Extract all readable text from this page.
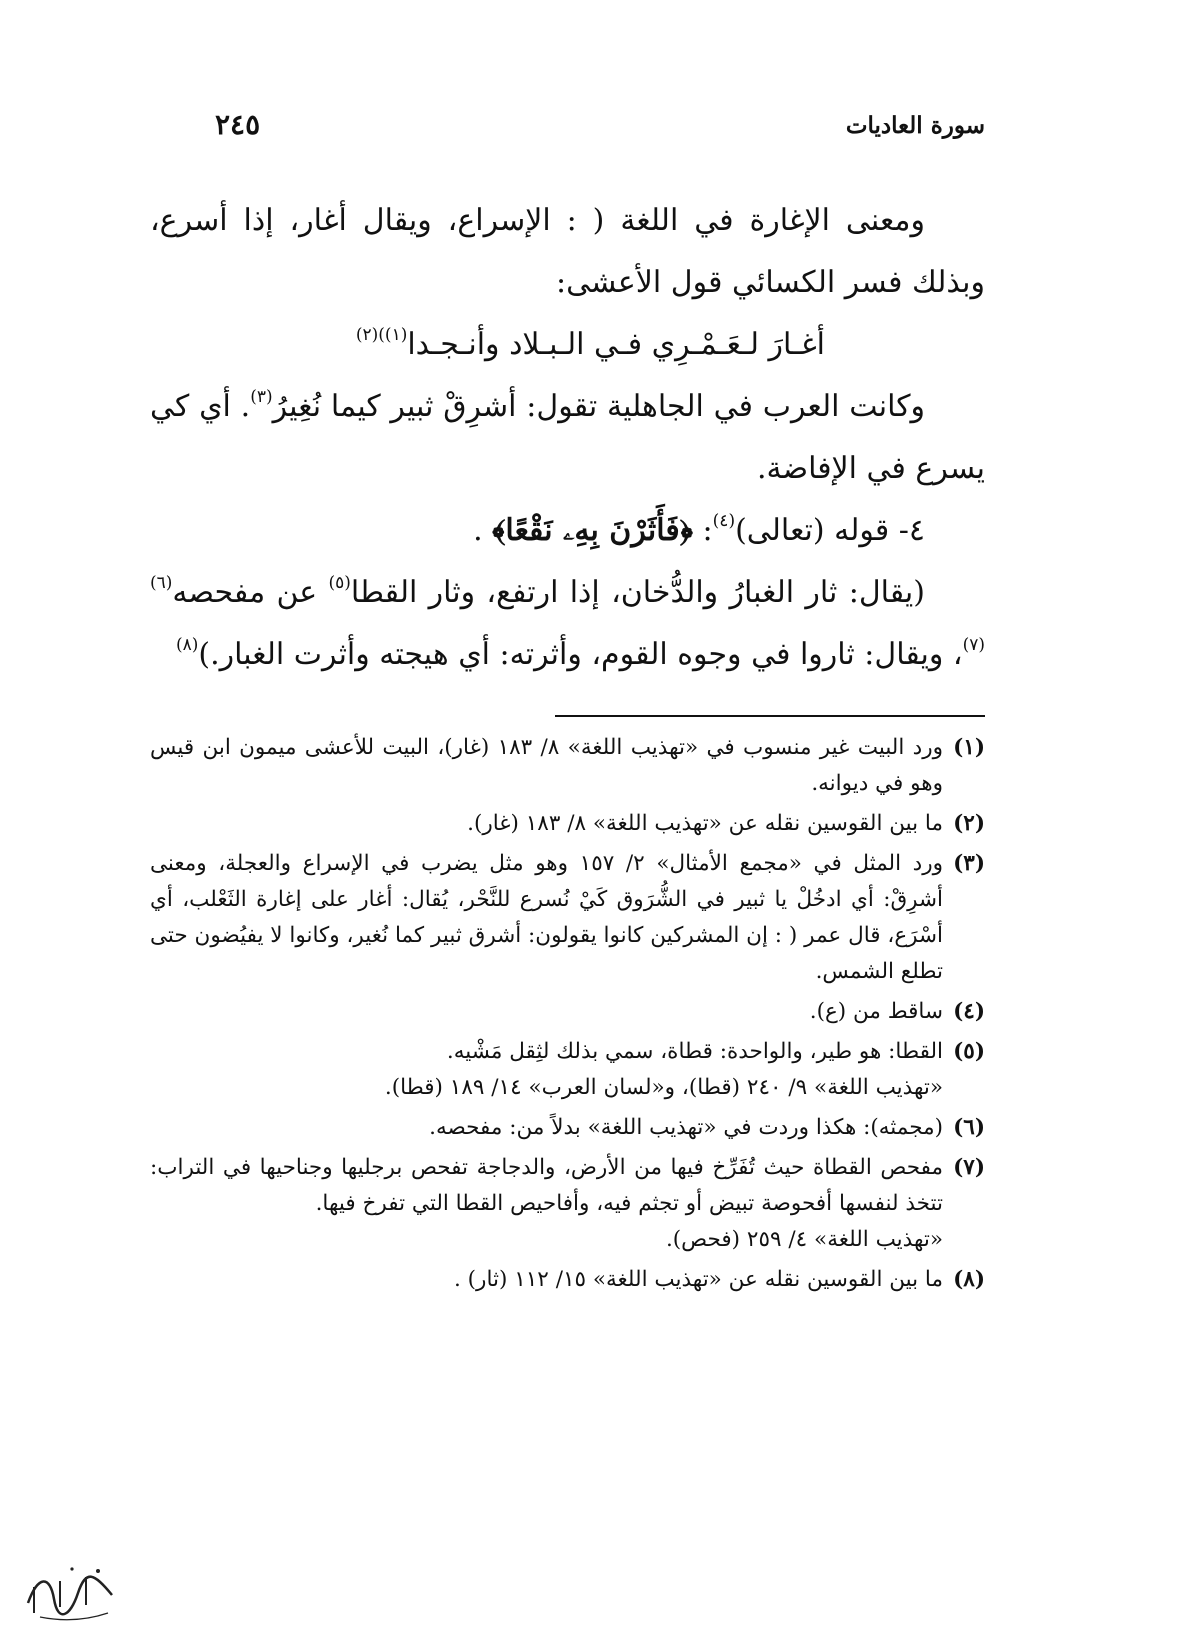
سورة العاديات
٢٤٥

ومعنى الإغارة في اللغة ( : الإسراع، ويقال أغار، إذا أسرع، وبذلك فسر الكسائي قول الأعشى:

أغـارَ لـعَـمْـرِي فـي الـبـلاد وأنـجـدا$^{(١))(٢)}$

وكانت العرب في الجاهلية تقول: أشرِقْ ثبير كيما نُغِيرُ$^{(٣)}$. أي كي يسرع في الإفاضة.

٤- قوله (تعالى)$^{(٤)}$: ﴿فَأَثَرْنَ بِهِۦ نَقْعًا﴾ .

(يقال: ثار الغبارُ والدُّخان، إذا ارتفع، وثار القطا$^{(٥)}$ عن مفحصه$^{(٦)(٧)}$، ويقال: ثاروا في وجوه القوم، وأثرته: أي هيجته وأثرت الغبار.)$^{(٨)}$

(١)
ورد البيت غير منسوب في «تهذيب اللغة» ٨/ ١٨٣ (غار)، البيت للأعشى ميمون ابن قيس وهو في ديوانه.
(٢)
ما بين القوسين نقله عن «تهذيب اللغة» ٨/ ١٨٣ (غار).
(٣)
ورد المثل في «مجمع الأمثال» ٢/ ١٥٧ وهو مثل يضرب في الإسراع والعجلة، ومعنى أشرِقْ: أي ادخُلْ يا ثبير في الشُّرَوق كَيْ نُسرع للنَّحْر، يُقال: أغار على إغارة الثَعْلب، أي أسْرَع، قال عمر ( : إن المشركين كانوا يقولون: أشرق ثبير كما نُغير، وكانوا لا يفيُضون حتى تطلع الشمس.
(٤)
ساقط من (ع).
(٥)
القطا: هو طير، والواحدة: قطاة، سمي بذلك لثِقل مَشْيه.
«تهذيب اللغة» ٩/ ٢٤٠ (قطا)، و«لسان العرب» ١٤/ ١٨٩ (قطا).
(٦)
(مجمثه): هكذا وردت في «تهذيب اللغة» بدلاً من: مفحصه.
(٧)
مفحص القطاة حيث تُفَرِّخ فيها من الأرض، والدجاجة تفحص برجليها وجناحيها في التراب: تتخذ لنفسها أفحوصة تبيض أو تجثم فيه، وأفاحيص القطا التي تفرخ فيها.
«تهذيب اللغة» ٤/ ٢٥٩ (فحص).
(٨)
ما بين القوسين نقله عن «تهذيب اللغة» ١٥/ ١١٢ (ثار) .
